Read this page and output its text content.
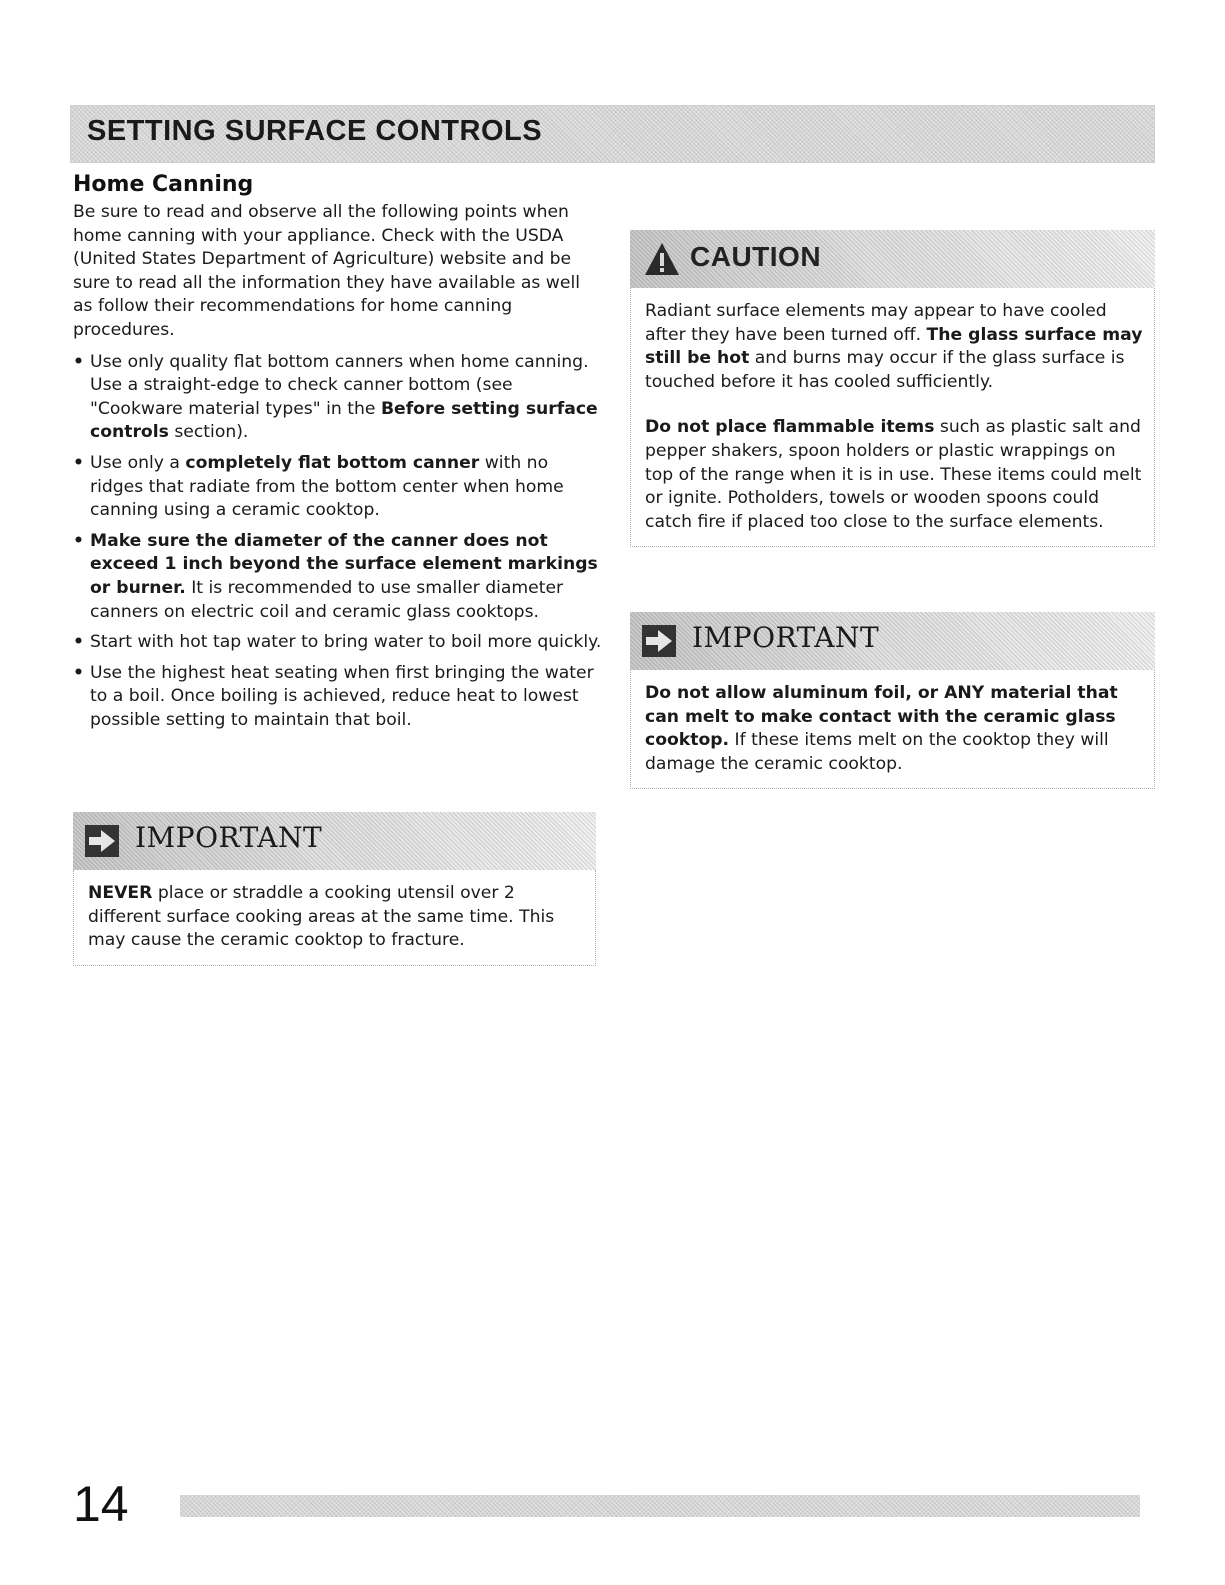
SETTING SURFACE CONTROLS
Home Canning

Be sure to read and observe all the following points when home canning with your appliance. Check with the USDA (United States Department of Agriculture) website and be sure to read all the information they have available as well as follow their recommendations for home canning procedures.

• Use only quality flat bottom canners when home canning. Use a straight-edge to check canner bottom (see "Cookware material types" in the Before setting surface controls section).
• Use only a completely flat bottom canner with no ridges that radiate from the bottom center when home canning using a ceramic cooktop.
• Make sure the diameter of the canner does not exceed 1 inch beyond the surface element markings or burner. It is recommended to use smaller diameter canners on electric coil and ceramic glass cooktops.
• Start with hot tap water to bring water to boil more quickly.
• Use the highest heat seating when first bringing the water to a boil. Once boiling is achieved, reduce heat to lowest possible setting to maintain that boil.
IMPORTANT
NEVER place or straddle a cooking utensil over 2 different surface cooking areas at the same time. This may cause the ceramic cooktop to fracture.
CAUTION
Radiant surface elements may appear to have cooled after they have been turned off. The glass surface may still be hot and burns may occur if the glass surface is touched before it has cooled sufficiently.
Do not place flammable items such as plastic salt and pepper shakers, spoon holders or plastic wrappings on top of the range when it is in use. These items could melt or ignite. Potholders, towels or wooden spoons could catch fire if placed too close to the surface elements.
IMPORTANT
Do not allow aluminum foil, or ANY material that can melt to make contact with the ceramic glass cooktop. If these items melt on the cooktop they will damage the ceramic cooktop.
14
